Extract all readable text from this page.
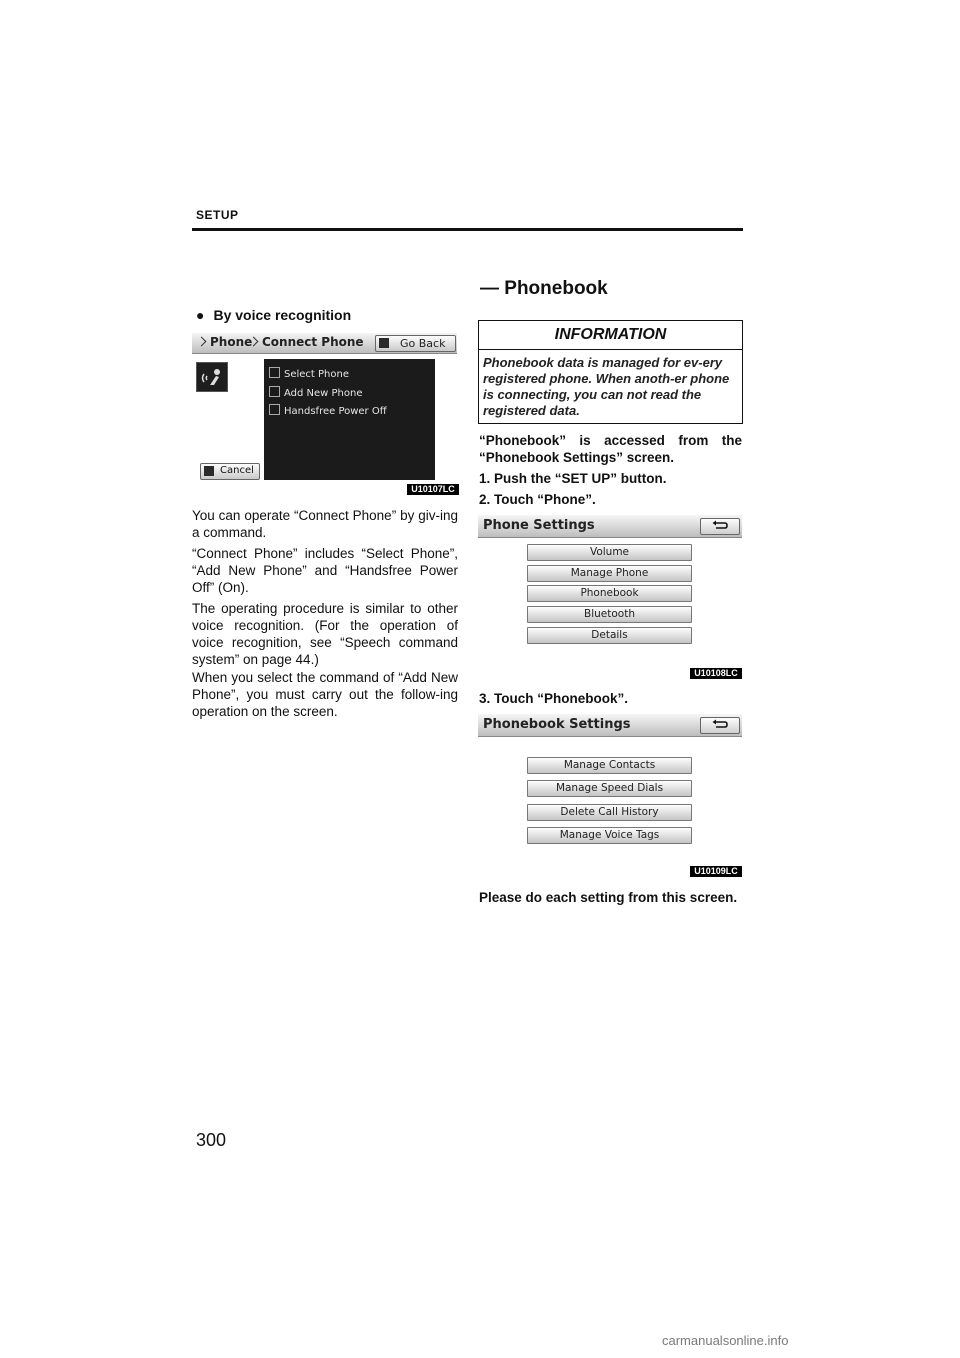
SETUP
● By voice recognition
Phone Connect Phone	Go Back
Select Phone
Add New Phone
Handsfree Power Off
Cancel
U10107LC
You can operate “Connect Phone” by giv-ing a command.
“Connect Phone” includes “Select Phone”, “Add New Phone” and “Handsfree Power Off” (On).
The operating procedure is similar to other voice recognition. (For the operation of voice recognition, see “Speech command system” on page 44.)
When you select the command of “Add New Phone”, you must carry out the follow-ing operation on the screen.
— Phonebook
INFORMATION
Phonebook data is managed for ev-ery registered phone. When anoth-er phone is connecting, you can not read the registered data.
“Phonebook” is accessed from the “Phonebook Settings” screen.
1. Push the “SET UP” button.
2. Touch “Phone”.
Phone Settings
Volume
Manage Phone
Phonebook
Bluetooth
Details
U10108LC
3. Touch “Phonebook”.
Phonebook Settings
Manage Contacts
Manage Speed Dials
Delete Call History
Manage Voice Tags
U10109LC
Please do each setting from this screen.
300
carmanualsonline.info
